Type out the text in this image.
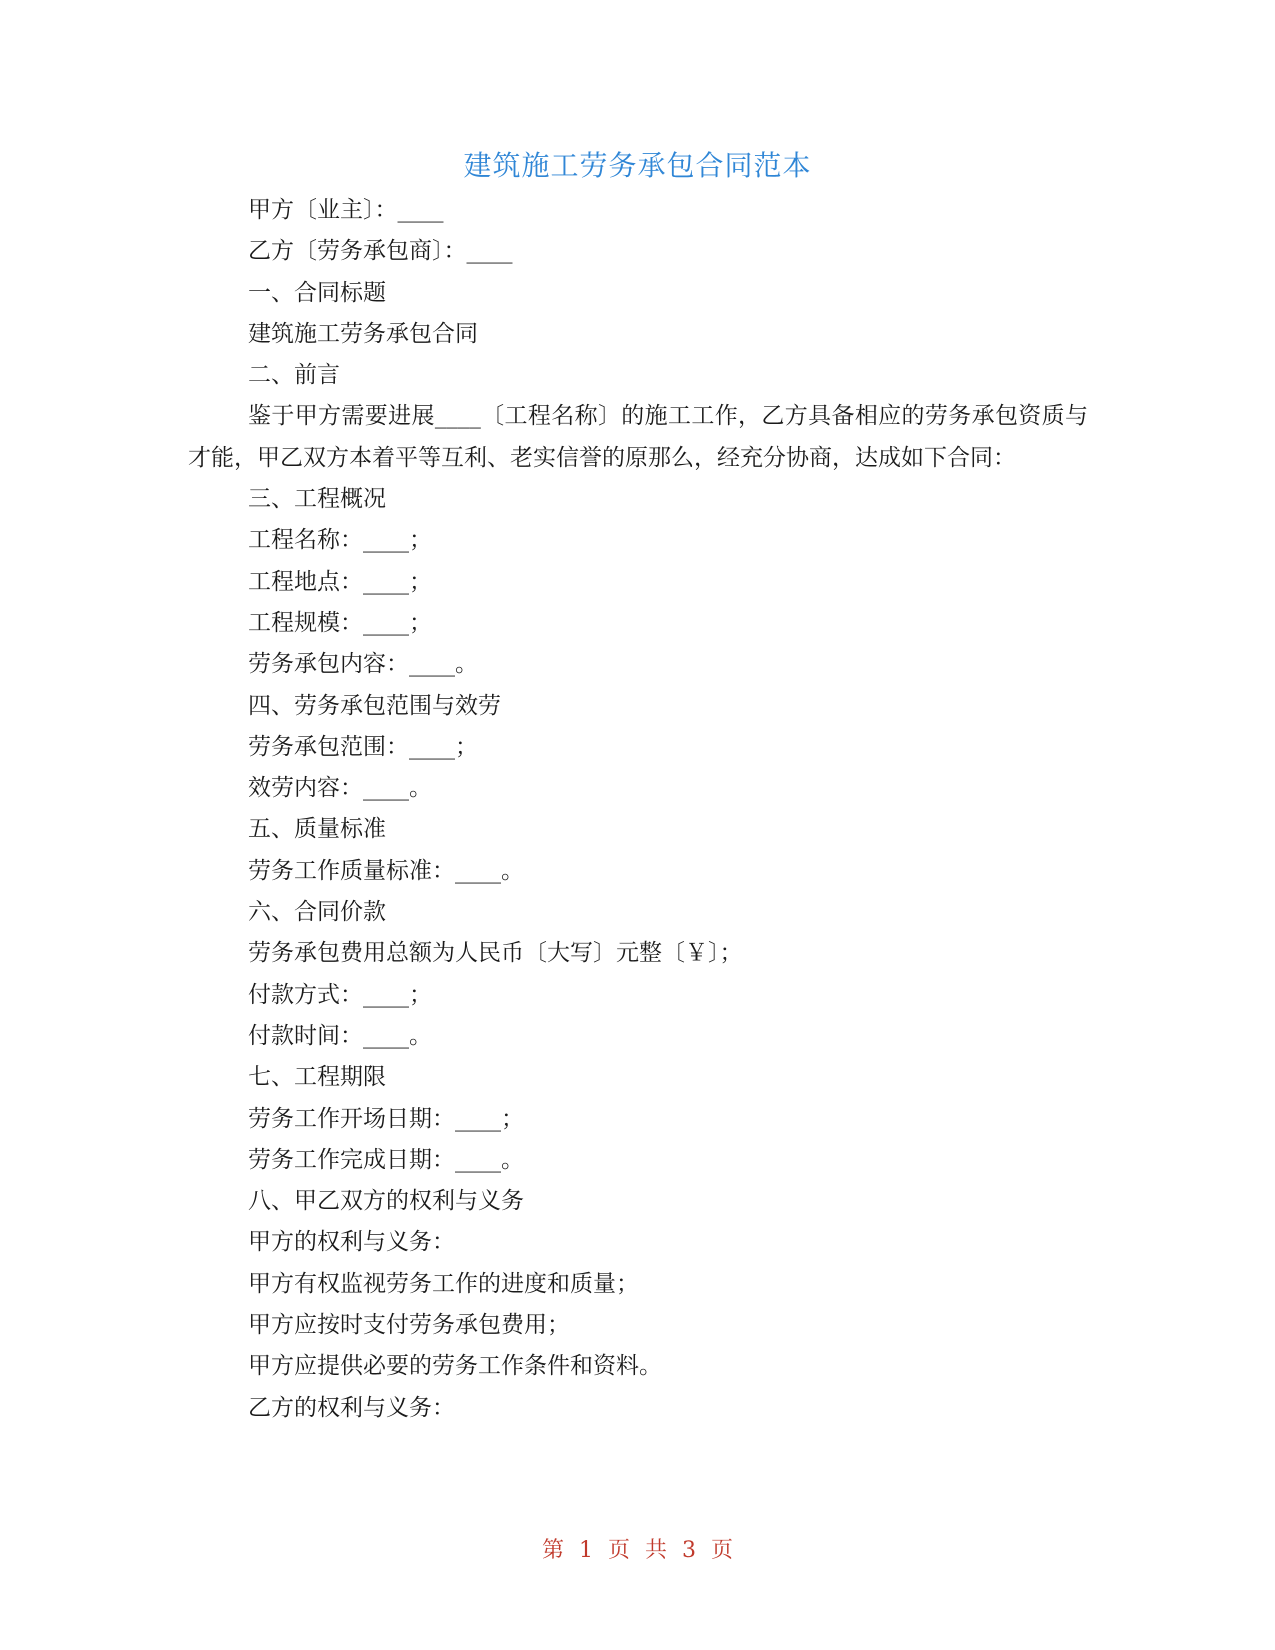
建筑施工劳务承包合同范本
甲方〔业主〕：____
乙方〔劳务承包商〕：____
一、合同标题
建筑施工劳务承包合同
二、前言
鉴于甲方需要进展____〔工程名称〕的施工工作，乙方具备相应的劳务承包资质与才能，甲乙双方本着平等互利、老实信誉的原那么，经充分协商，达成如下合同：
三、工程概况
工程名称：____；
工程地点：____；
工程规模：____；
劳务承包内容：____。
四、劳务承包范围与效劳
劳务承包范围：____；
效劳内容：____。
五、质量标准
劳务工作质量标准：____。
六、合同价款
劳务承包费用总额为人民币〔大写〕元整〔￥〕；
付款方式：____；
付款时间：____。
七、工程期限
劳务工作开场日期：____；
劳务工作完成日期：____。
八、甲乙双方的权利与义务
甲方的权利与义务：
甲方有权监视劳务工作的进度和质量；
甲方应按时支付劳务承包费用；
甲方应提供必要的劳务工作条件和资料。
乙方的权利与义务：
第 1 页 共 3 页
